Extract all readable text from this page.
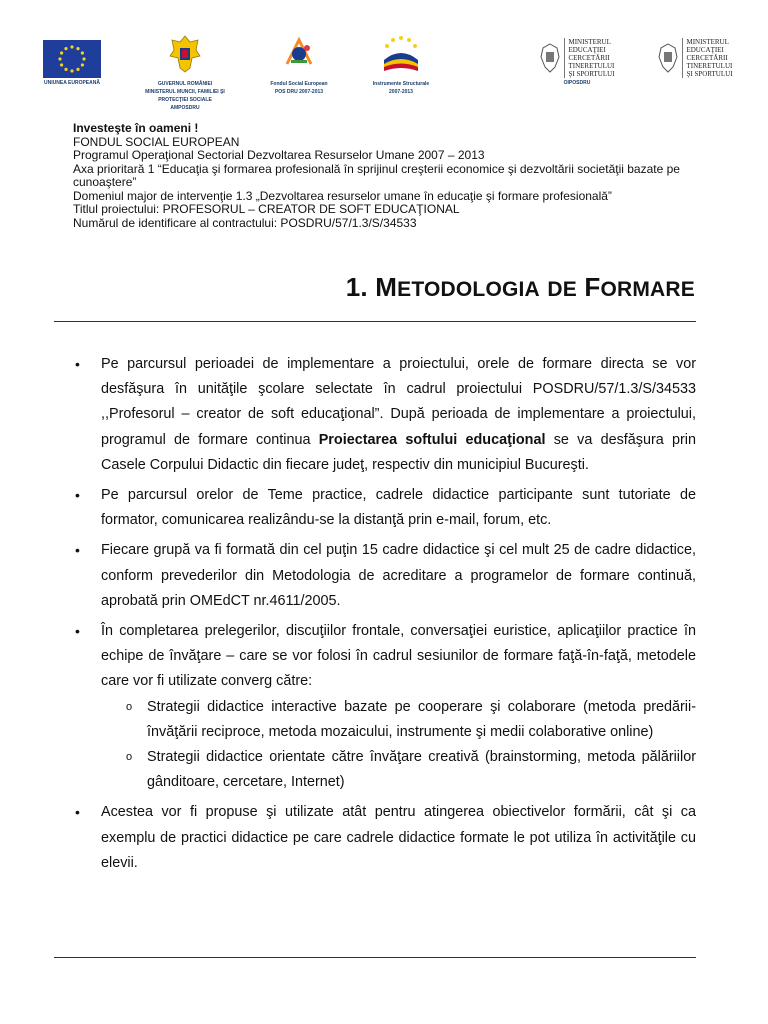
UNIUNEA EUROPEANĂ	GUVERNUL ROMÂNIEI
MINISTERUL MUNCII, FAMILIEI ŞI
PROTECŢIEI SOCIALE
AMPOSDRU
Fondul Social European
POS DRU 2007-2013
Instrumente Structurale
2007-2013
MINISTERUL
EDUCAŢIEI
CERCETĂRII
TINERETULUI
ŞI SPORTULUI
OIPOSDRU
MINISTERUL
EDUCAŢIEI
CERCETĂRII
TINERETULUI
ŞI SPORTULUI
Investeşte în oameni !
FONDUL SOCIAL EUROPEAN
Programul Operaţional Sectorial Dezvoltarea Resurselor Umane 2007 – 2013
Axa prioritară 1 “Educaţia şi formarea profesională în sprijinul creşterii economice şi dezvoltării societăţii bazate pe cunoaştere”
Domeniul major de intervenţie 1.3 „Dezvoltarea resurselor umane în educaţie şi formare profesională”
Titlul proiectului: PROFESORUL – CREATOR DE SOFT EDUCAŢIONAL
Numărul de identificare al contractului: POSDRU/57/1.3/S/34533
1. METODOLOGIA DE FORMARE
• Pe parcursul perioadei de implementare a proiectului, orele de formare directa se vor desfăşura în unităţile şcolare selectate în cadrul proiectului POSDRU/57/1.3/S/34533 ,,Profesorul – creator de soft educaţional”. După perioada de implementare a proiectului, programul de formare continua Proiectarea softului educaţional se va desfăşura prin Casele Corpului Didactic din fiecare judeţ, respectiv din municipiul Bucureşti.
• Pe parcursul orelor de Teme practice, cadrele didactice participante sunt tutoriate de formator, comunicarea realizându-se la distanţă prin e-mail, forum, etc.
• Fiecare grupă va fi formată din cel puţin 15 cadre didactice şi cel mult 25 de cadre didactice, conform prevederilor din Metodologia de acreditare a programelor de formare continuă, aprobată prin OMEdCT nr.4611/2005.
• În completarea prelegerilor, discuţiilor frontale, conversaţiei euristice, aplicaţiilor practice în echipe de învăţare – care se vor folosi în cadrul sesiunilor de formare faţă-în-faţă, metodele care vor fi utilizate converg către:
o Strategii didactice interactive bazate pe cooperare şi colaborare (metoda predării-învăţării reciproce, metoda mozaicului, instrumente şi medii colaborative online)
o Strategii didactice orientate către învăţare creativă (brainstorming, metoda pălăriilor gânditoare, cercetare, Internet)
• Acestea vor fi propuse şi utilizate atât pentru atingerea obiectivelor formării, cât şi ca exemplu de practici didactice pe care cadrele didactice formate le pot utiliza în activităţile cu elevii.
